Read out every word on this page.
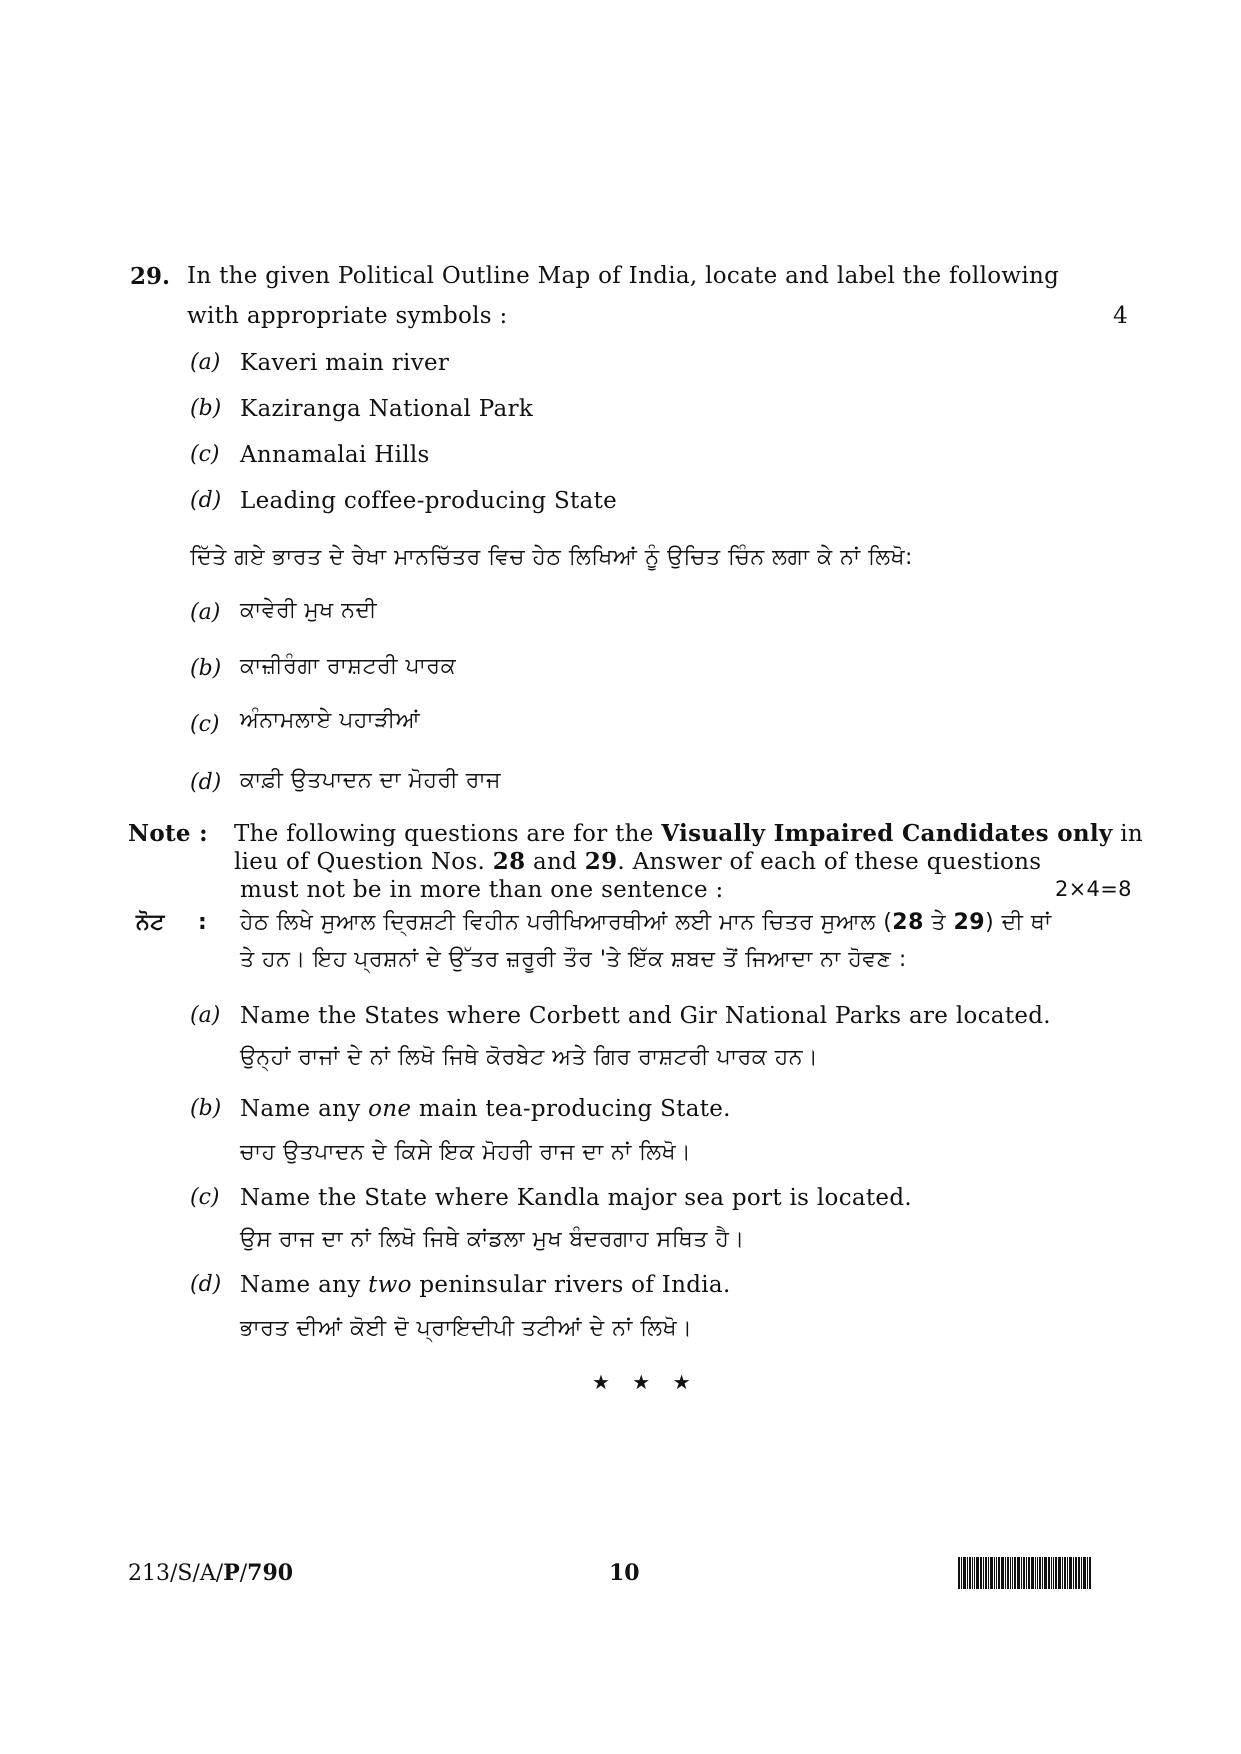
29. In the given Political Outline Map of India, locate and label the following
with appropriate symbols :	4
(a) Kaveri main river
(b) Kaziranga National Park
(c) Annamalai Hills
(d) Leading coffee-producing State
ਦਿੱਤੇ ਗਏ ਭਾਰਤ ਦੇ ਰੇਖਾ ਮਾਨਚਿੱਤਰ ਵਿਚ ਹੇਠ ਲਿਖਿਆਂ ਨੂੰ ਉਚਿਤ ਚਿੰਨ ਲਗਾ ਕੇ ਨਾਂ ਲਿਖੋ:
(a) ਕਾਵੇਰੀ ਮੁਖ ਨਦੀ
(b) ਕਾਜ਼ੀਰੰਗਾ ਰਾਸ਼ਟਰੀ ਪਾਰਕ
(c) ਅੰਨਾਮਲਾਏ ਪਹਾੜੀਆਂ
(d) ਕਾਫ਼ੀ ਉਤਪਾਦਨ ਦਾ ਮੋਹਰੀ ਰਾਜ
Note : The following questions are for the Visually Impaired Candidates only in
lieu of Question Nos. 28 and 29. Answer of each of these questions
must not be in more than one sentence :	2×4=8
ਨੋਟ : ਹੇਠ ਲਿਖੇ ਸੁਆਲ ਦ੍ਰਿਸ਼ਟੀ ਵਿਹੀਨ ਪਰੀਖਿਆਰਥੀਆਂ ਲਈ ਮਾਨ ਚਿਤਰ ਸੁਆਲ (28 ਤੇ 29) ਦੀ ਥਾਂ
ਤੇ ਹਨ। ਇਹ ਪ੍ਰਸ਼ਨਾਂ ਦੇ ਉੱਤਰ ਜ਼ਰੂਰੀ ਤੌਰ 'ਤੇ ਇੱਕ ਸ਼ਬਦ ਤੋਂ ਜਿਆਦਾ ਨਾ ਹੋਵਣ :
(a) Name the States where Corbett and Gir National Parks are located.
ਉਨ੍ਹਾਂ ਰਾਜਾਂ ਦੇ ਨਾਂ ਲਿਖੋ ਜਿਥੇ ਕੋਰਬੇਟ ਅਤੇ ਗਿਰ ਰਾਸ਼ਟਰੀ ਪਾਰਕ ਹਨ।
(b) Name any one main tea-producing State.
ਚਾਹ ਉਤਪਾਦਨ ਦੇ ਕਿਸੇ ਇਕ ਮੋਹਰੀ ਰਾਜ ਦਾ ਨਾਂ ਲਿਖੋ।
(c) Name the State where Kandla major sea port is located.
ਉਸ ਰਾਜ ਦਾ ਨਾਂ ਲਿਖੋ ਜਿਥੇ ਕਾਂਡਲਾ ਮੁਖ ਬੰਦਰਗਾਹ ਸਥਿਤ ਹੈ।
(d) Name any two peninsular rivers of India.
ਭਾਰਤ ਦੀਆਂ ਕੋਈ ਦੋ ਪ੍ਰਾਇਦੀਪੀ ਤਟੀਆਂ ਦੇ ਨਾਂ ਲਿਖੋ।
★ ★ ★
213/S/A/P/790	10
